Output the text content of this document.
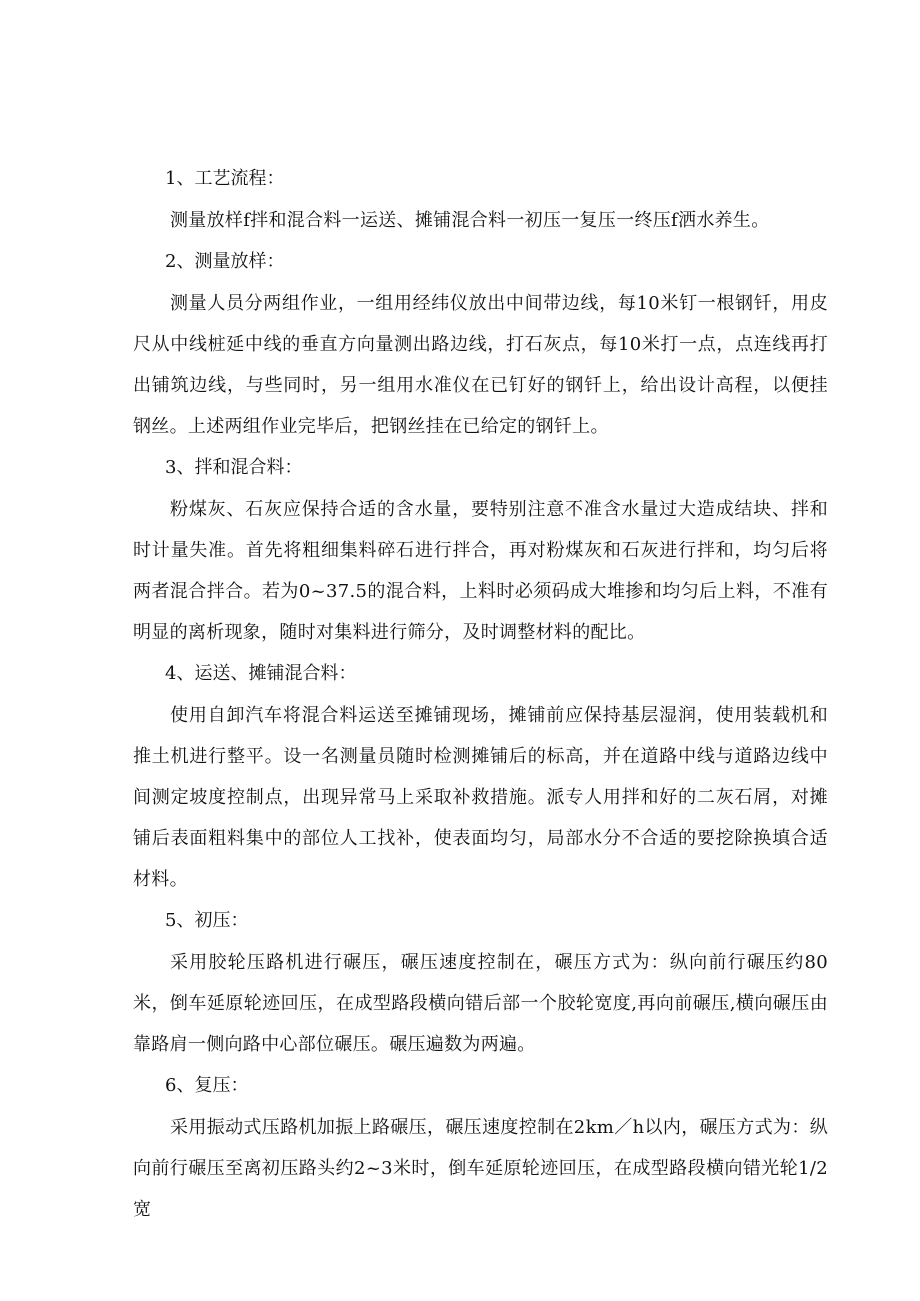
1、工艺流程：

测量放样f拌和混合料一运送、摊铺混合料一初压一复压一终压f洒水养生。

2、测量放样：

测量人员分两组作业，一组用经纬仪放出中间带边线，每10米钉一根钢钎，用皮尺从中线桩延中线的垂直方向量测出路边线，打石灰点，每10米打一点，点连线再打出铺筑边线，与些同时，另一组用水准仪在已钉好的钢钎上，给出设计高程，以便挂钢丝。上述两组作业完毕后，把钢丝挂在已给定的钢钎上。

3、拌和混合料：

粉煤灰、石灰应保持合适的含水量，要特别注意不准含水量过大造成结块、拌和时计量失准。首先将粗细集料碎石进行拌合，再对粉煤灰和石灰进行拌和，均匀后将两者混合拌合。若为0~37.5的混合料，上料时必须码成大堆掺和均匀后上料，不准有明显的离析现象，随时对集料进行筛分，及时调整材料的配比。

4、运送、摊铺混合料：

使用自卸汽车将混合料运送至摊铺现场，摊铺前应保持基层湿润，使用装载机和推土机进行整平。设一名测量员随时检测摊铺后的标高，并在道路中线与道路边线中间测定坡度控制点，出现异常马上采取补救措施。派专人用拌和好的二灰石屑，对摊铺后表面粗料集中的部位人工找补，使表面均匀，局部水分不合适的要挖除换填合适材料。

5、初压：

采用胶轮压路机进行碾压，碾压速度控制在，碾压方式为：纵向前行碾压约80米，倒车延原轮迹回压，在成型路段横向错后部一个胶轮宽度,再向前碾压,横向碾压由靠路肩一侧向路中心部位碾压。碾压遍数为两遍。

6、复压：

采用振动式压路机加振上路碾压，碾压速度控制在2km／h以内，碾压方式为：纵向前行碾压至离初压路头约2~3米时，倒车延原轮迹回压，在成型路段横向错光轮1/2宽
